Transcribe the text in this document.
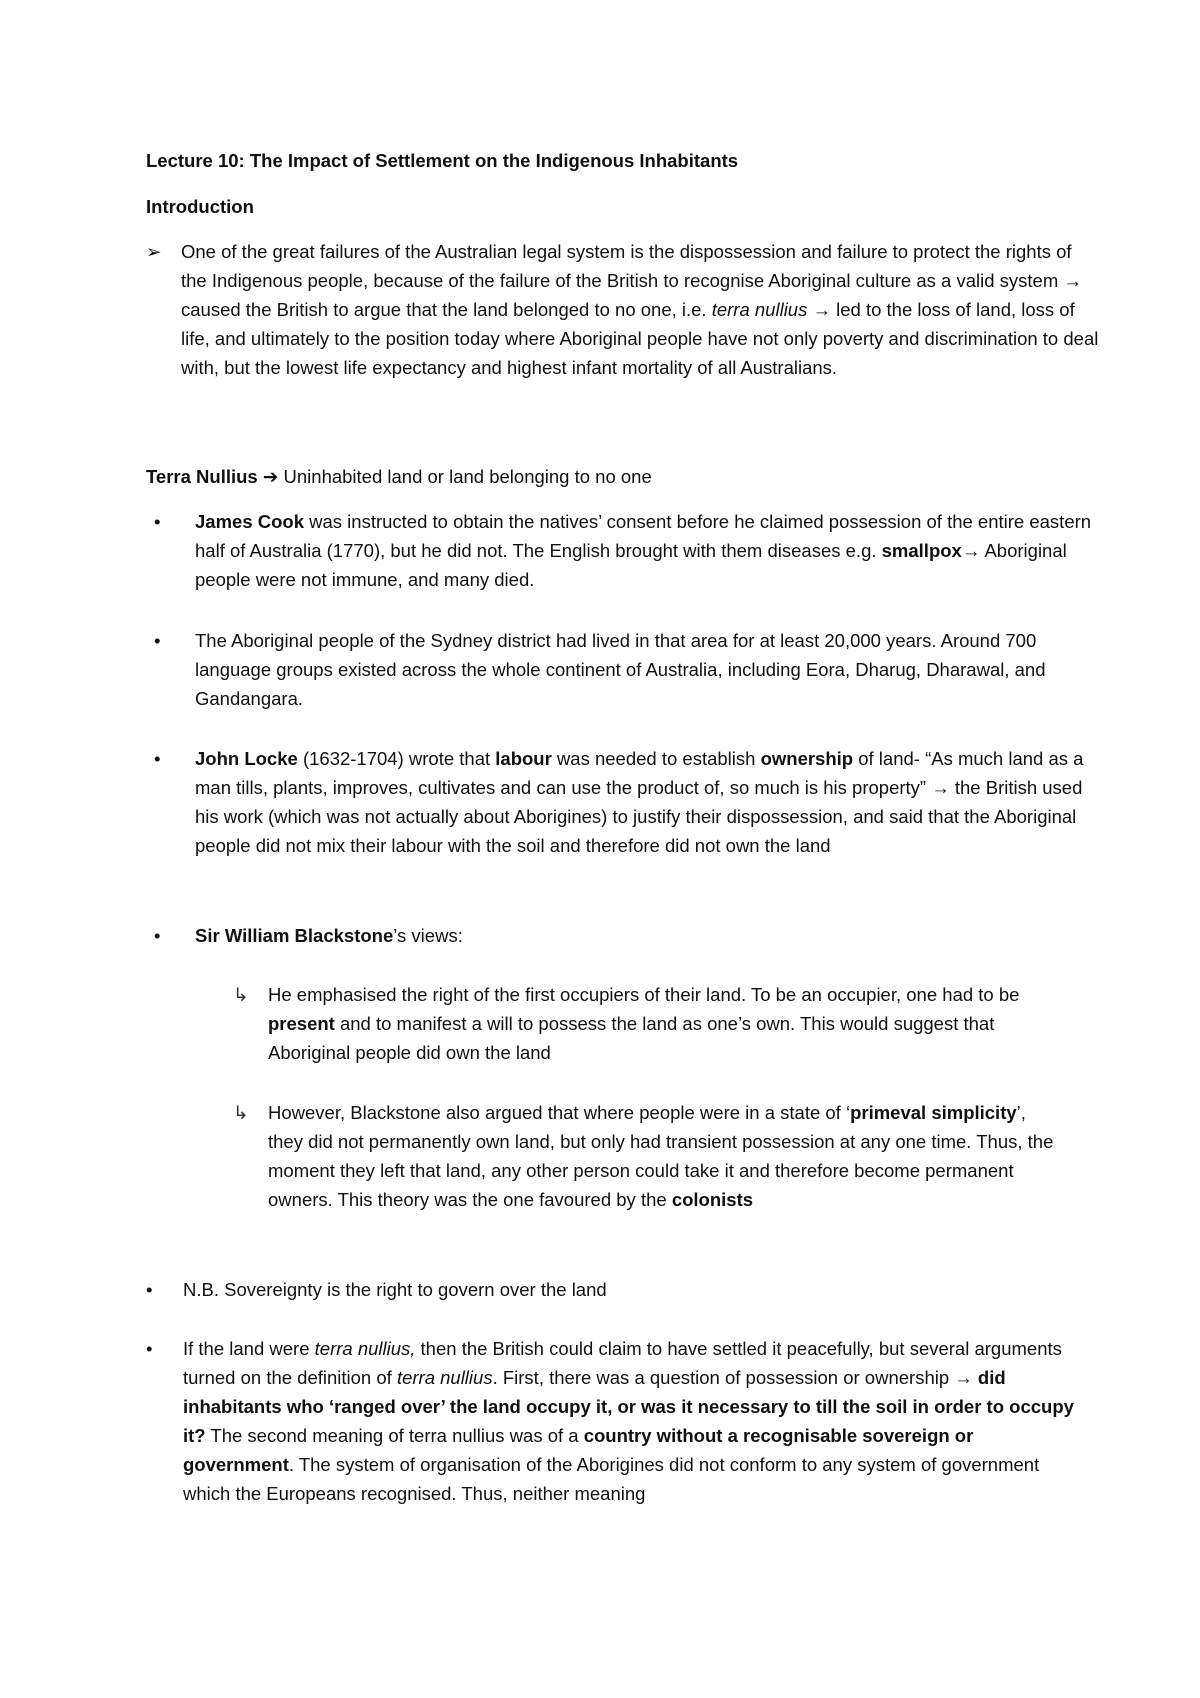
Lecture 10: The Impact of Settlement on the Indigenous Inhabitants
Introduction
➢ One of the great failures of the Australian legal system is the dispossession and failure to protect the rights of the Indigenous people, because of the failure of the British to recognise Aboriginal culture as a valid system → caused the British to argue that the land belonged to no one, i.e. terra nullius → led to the loss of land, loss of life, and ultimately to the position today where Aboriginal people have not only poverty and discrimination to deal with, but the lowest life expectancy and highest infant mortality of all Australians.
Terra Nullius ➔ Uninhabited land or land belonging to no one
•	James Cook was instructed to obtain the natives’ consent before he claimed possession of the entire eastern half of Australia (1770), but he did not. The English brought with them diseases e.g. smallpox→ Aboriginal people were not immune, and many died.
•	The Aboriginal people of the Sydney district had lived in that area for at least 20,000 years. Around 700 language groups existed across the whole continent of Australia, including Eora, Dharug, Dharawal, and Gandangara.
•	John Locke (1632-1704) wrote that labour was needed to establish ownership of land- “As much land as a man tills, plants, improves, cultivates and can use the product of, so much is his property” → the British used his work (which was not actually about Aborigines) to justify their dispossession, and said that the Aboriginal people did not mix their labour with the soil and therefore did not own the land
•	Sir William Blackstone’s views:
↳ He emphasised the right of the first occupiers of their land. To be an occupier, one had to be present and to manifest a will to possess the land as one’s own. This would suggest that Aboriginal people did own the land
↳ However, Blackstone also argued that where people were in a state of ‘primeval simplicity’, they did not permanently own land, but only had transient possession at any one time. Thus, the moment they left that land, any other person could take it and therefore become permanent owners. This theory was the one favoured by the colonists
•	N.B. Sovereignty is the right to govern over the land
•	If the land were terra nullius, then the British could claim to have settled it peacefully, but several arguments turned on the definition of terra nullius. First, there was a question of possession or ownership → did inhabitants who ‘ranged over’ the land occupy it, or was it necessary to till the soil in order to occupy it? The second meaning of terra nullius was of a country without a recognisable sovereign or government. The system of organisation of the Aborigines did not conform to any system of government which the Europeans recognised. Thus, neither meaning
